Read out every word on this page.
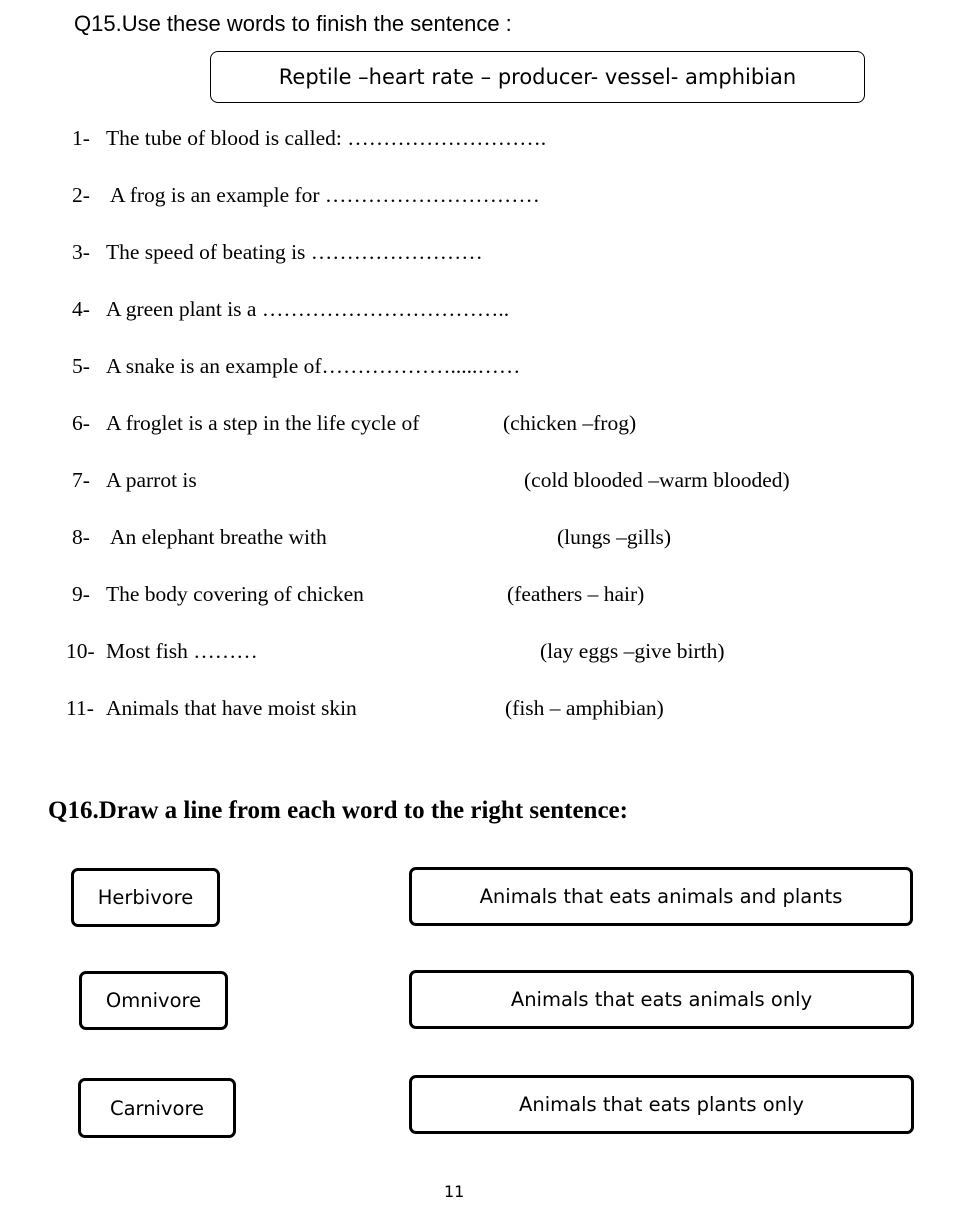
Q15.Use these words to finish the sentence :
Reptile –heart rate – producer- vessel- amphibian
1- The tube of blood is called: ……………………….
2- A frog is an example for …………………………
3- The speed of beating is ……………………
4- A green plant is a ……………………………..
5- A snake is an example of……………….....……
6- A froglet is a step in the life cycle of	(chicken –frog)
7- A parrot is	(cold blooded –warm blooded)
8- An elephant breathe with	(lungs –gills)
9- The body covering of chicken	(feathers – hair)
10- Most fish ………	(lay eggs –give birth)
11- Animals that have moist skin	(fish – amphibian)
Q16.Draw a line from each word to the right sentence:
Herbivore
Omnivore
Carnivore
Animals that eats animals and plants
Animals that eats animals only
Animals that eats plants only
11
